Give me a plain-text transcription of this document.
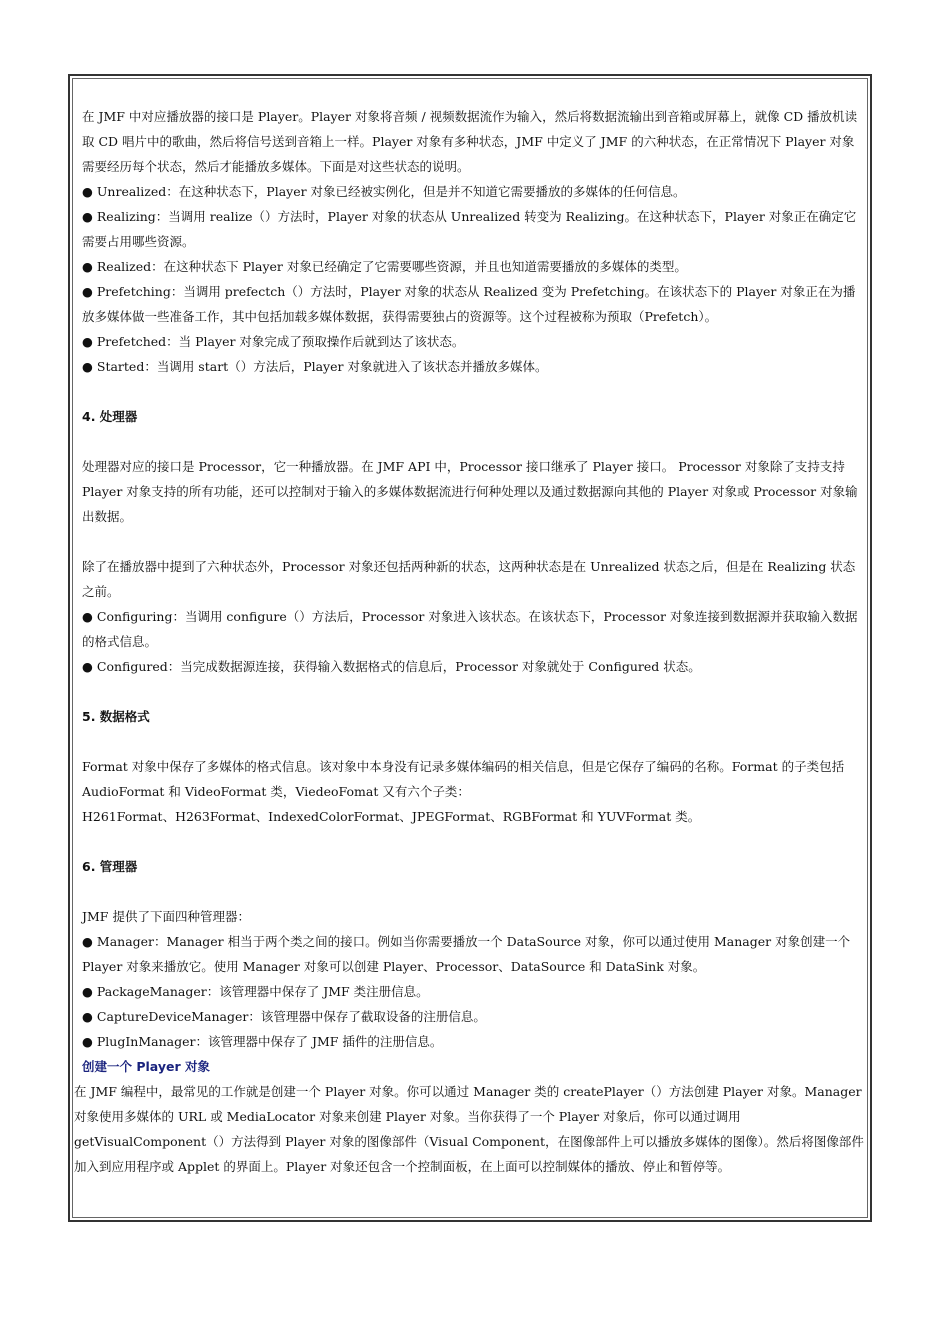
在 JMF 中对应播放器的接口是 Player。Player 对象将音频 / 视频数据流作为输入，然后将数据流输出到音箱或屏幕上，就像 CD 播放机读取 CD 唱片中的歌曲，然后将信号送到音箱上一样。Player 对象有多种状态，JMF 中定义了 JMF 的六种状态，在正常情况下 Player 对象需要经历每个状态，然后才能播放多媒体。下面是对这些状态的说明。

● Unrealized：在这种状态下，Player 对象已经被实例化，但是并不知道它需要播放的多媒体的任何信息。

● Realizing：当调用 realize（）方法时，Player 对象的状态从 Unrealized 转变为 Realizing。在这种状态下，Player 对象正在确定它需要占用哪些资源。

● Realized：在这种状态下 Player 对象已经确定了它需要哪些资源，并且也知道需要播放的多媒体的类型。

● Prefetching：当调用 prefectch（）方法时，Player 对象的状态从 Realized 变为 Prefetching。在该状态下的 Player 对象正在为播放多媒体做一些准备工作，其中包括加载多媒体数据，获得需要独占的资源等。这个过程被称为预取（Prefetch）。

● Prefetched：当 Player 对象完成了预取操作后就到达了该状态。

● Started：当调用 start（）方法后，Player 对象就进入了该状态并播放多媒体。

4. 处理器

处理器对应的接口是 Processor，它一种播放器。在 JMF API 中，Processor 接口继承了 Player 接口。 Processor 对象除了支持支持 Player 对象支持的所有功能，还可以控制对于输入的多媒体数据流进行何种处理以及通过数据源向其他的 Player 对象或 Processor 对象输出数据。

除了在播放器中提到了六种状态外，Processor 对象还包括两种新的状态，这两种状态是在 Unrealized 状态之后，但是在 Realizing 状态之前。

● Configuring：当调用 configure（）方法后，Processor 对象进入该状态。在该状态下，Processor 对象连接到数据源并获取输入数据的格式信息。

● Configured：当完成数据源连接，获得输入数据格式的信息后，Processor 对象就处于 Configured 状态。

5. 数据格式

Format 对象中保存了多媒体的格式信息。该对象中本身没有记录多媒体编码的相关信息，但是它保存了编码的名称。Format 的子类包括 AudioFormat 和 VideoFormat 类，ViedeoFomat 又有六个子类：

H261Format、H263Format、IndexedColorFormat、JPEGFormat、RGBFormat 和 YUVFormat 类。

6. 管理器

JMF 提供了下面四种管理器：

● Manager：Manager 相当于两个类之间的接口。例如当你需要播放一个 DataSource 对象，你可以通过使用 Manager 对象创建一个 Player 对象来播放它。使用 Manager 对象可以创建 Player、Processor、DataSource 和 DataSink 对象。

● PackageManager：该管理器中保存了 JMF 类注册信息。

● CaptureDeviceManager：该管理器中保存了截取设备的注册信息。

● PlugInManager：该管理器中保存了 JMF 插件的注册信息。

创建一个 Player 对象

在 JMF 编程中，最常见的工作就是创建一个 Player 对象。你可以通过 Manager 类的 createPlayer（）方法创建 Player 对象。Manager 对象使用多媒体的 URL 或 MediaLocator 对象来创建 Player 对象。当你获得了一个 Player 对象后，你可以通过调用 getVisualComponent（）方法得到 Player 对象的图像部件（Visual Component，在图像部件上可以播放多媒体的图像）。然后将图像部件加入到应用程序或 Applet 的界面上。Player 对象还包含一个控制面板，在上面可以控制媒体的播放、停止和暂停等。
